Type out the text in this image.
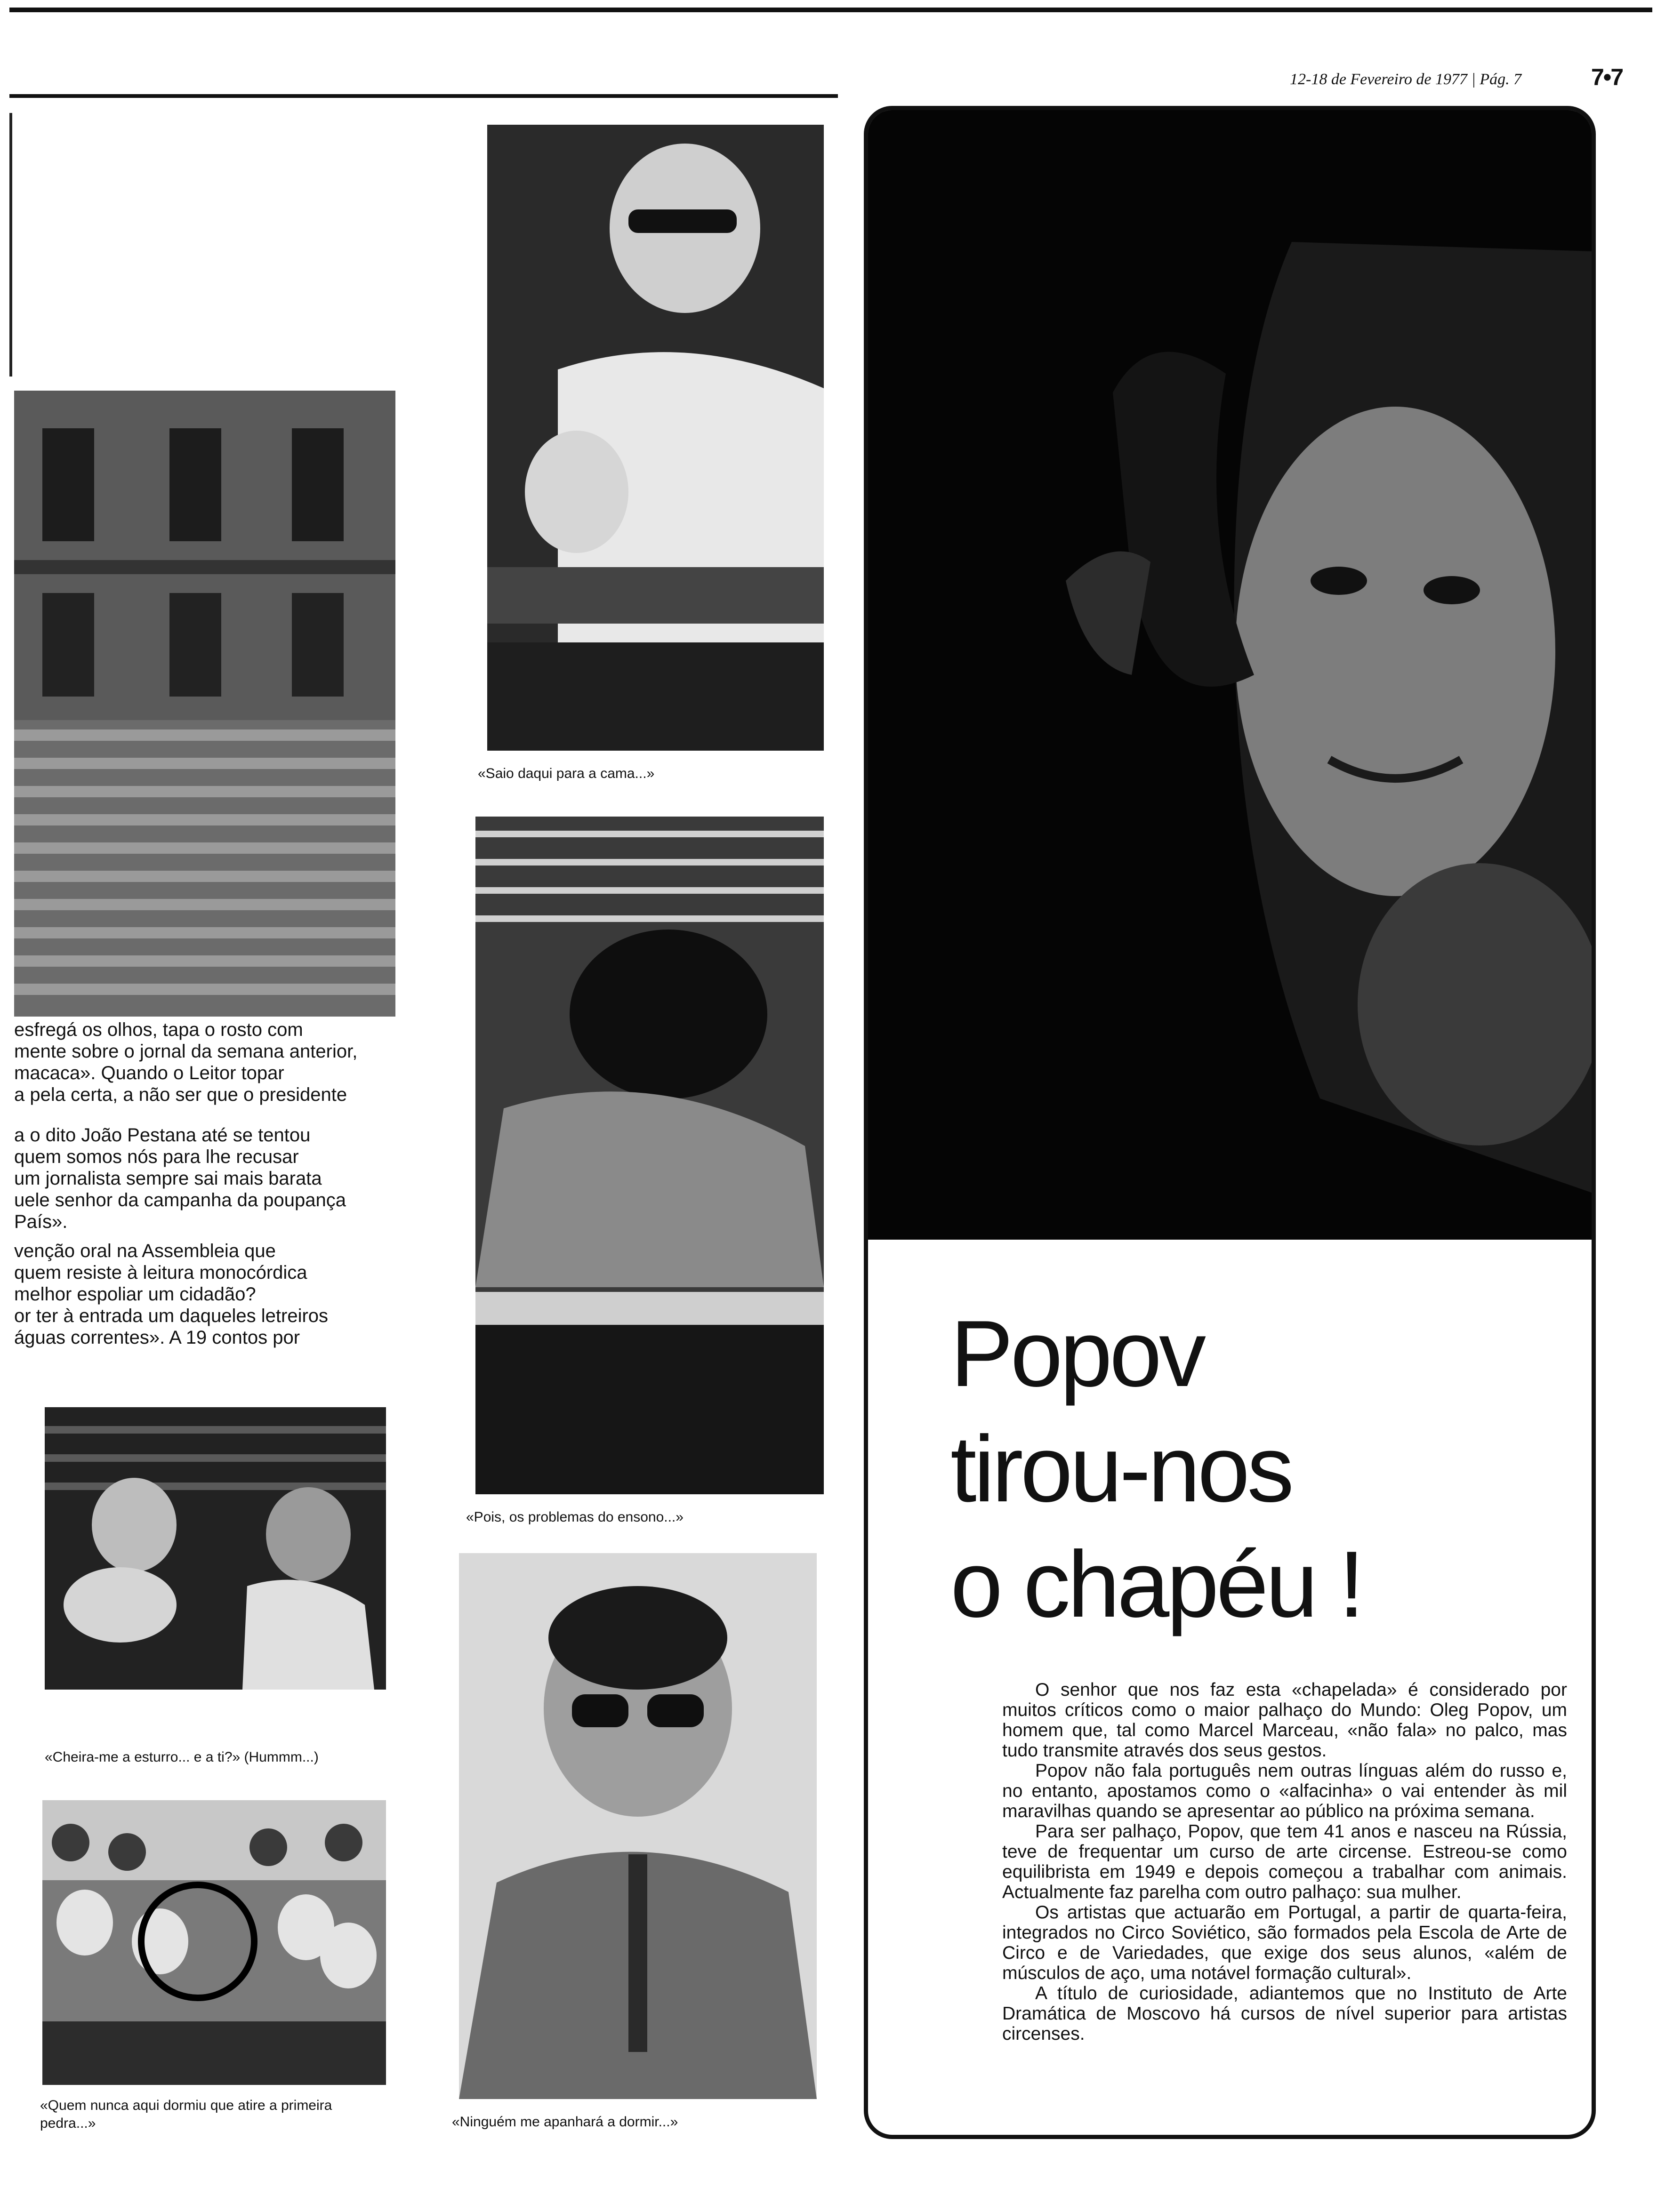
12-18 de Fevereiro de 1977 | Pág. 7	7•7
esfregá os olhos, tapa o rosto com
mente sobre o jornal da semana anterior,
macaca». Quando o Leitor topar
a pela certa, a não ser que o presidente
a o dito João Pestana até se tentou
quem somos nós para lhe recusar
um jornalista sempre sai mais barata
uele senhor da campanha da poupança
País».
venção oral na Assembleia que
quem resiste à leitura monocórdica
melhor espoliar um cidadão?
or ter à entrada um daqueles letreiros
águas correntes». A 19 contos por
«Saio daqui para a cama...»
«Pois, os problemas do ensono...»
«Ninguém me apanhará a dormir...»
«Cheira-me a esturro... e a ti?» (Hummm...)
«Quem nunca aqui dormiu que atire a primeira pedra...»
Popov
tirou-nos
o chapéu !

O senhor que nos faz esta «chapelada» é considerado por muitos críticos como o maior palhaço do Mundo: Oleg Popov, um homem que, tal como Marcel Marceau, «não fala» no palco, mas tudo transmite através dos seus gestos.

Popov não fala português nem outras línguas além do russo e, no entanto, apostamos como o «alfacinha» o vai entender às mil maravilhas quando se apresentar ao público na próxima semana.

Para ser palhaço, Popov, que tem 41 anos e nasceu na Rússia, teve de frequentar um curso de arte circense. Estreou-se como equilibrista em 1949 e depois começou a trabalhar com animais. Actualmente faz parelha com outro palhaço: sua mulher.

Os artistas que actuarão em Portugal, a partir de quarta-feira, integrados no Circo Soviético, são formados pela Escola de Arte de Circo e de Variedades, que exige dos seus alunos, «além de músculos de aço, uma notável formação cultural».

A título de curiosidade, adiantemos que no Instituto de Arte Dramática de Moscovo há cursos de nível superior para artistas circenses.
